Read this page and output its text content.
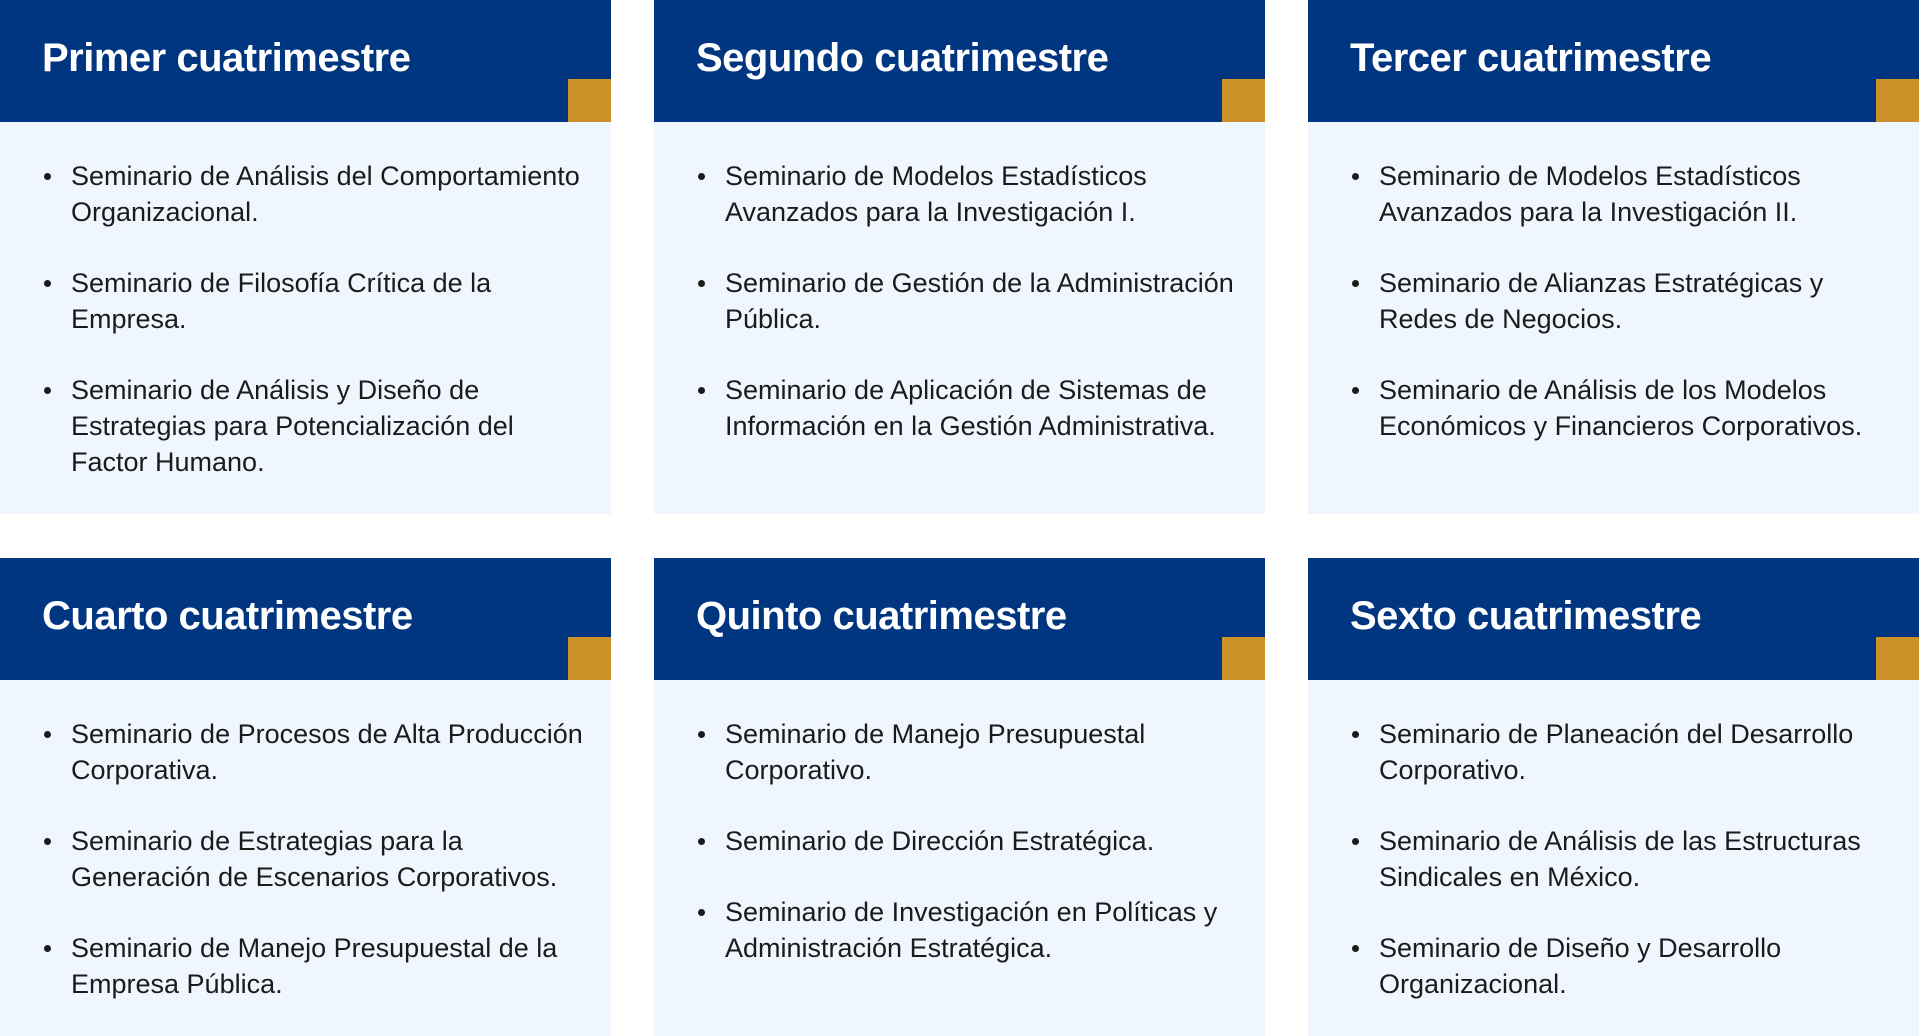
Primer cuatrimestre
Seminario de Análisis del Comportamiento Organizacional.
Seminario de Filosofía Crítica de la Empresa.
Seminario de Análisis y Diseño de Estrategias para Potencialización del Factor Humano.
Segundo cuatrimestre
Seminario de Modelos Estadísticos Avanzados para la Investigación I.
Seminario de Gestión de la Administración Pública.
Seminario de Aplicación de Sistemas de Información en la Gestión Administrativa.
Tercer cuatrimestre
Seminario de Modelos Estadísticos Avanzados para la Investigación II.
Seminario de Alianzas Estratégicas y Redes de Negocios.
Seminario de Análisis de los Modelos Económicos y Financieros Corporativos.
Cuarto cuatrimestre
Seminario de Procesos de Alta Producción Corporativa.
Seminario de Estrategias para la Generación de Escenarios Corporativos.
Seminario de Manejo Presupuestal de la Empresa Pública.
Quinto cuatrimestre
Seminario de Manejo Presupuestal Corporativo.
Seminario de Dirección Estratégica.
Seminario de Investigación en Políticas y Administración Estratégica.
Sexto cuatrimestre
Seminario de Planeación del Desarrollo Corporativo.
Seminario de Análisis de las Estructuras Sindicales en México.
Seminario de Diseño y Desarrollo Organizacional.
